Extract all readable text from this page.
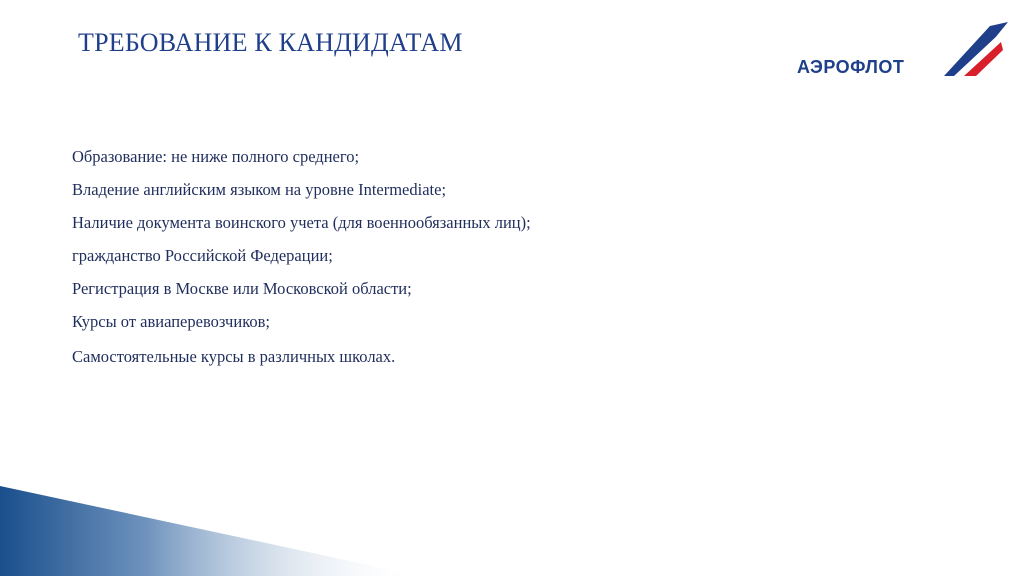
ТРЕБОВАНИЕ К КАНДИДАТАМ
АЭРОФЛОТ
Образование: не ниже полного среднего;
Владение английским языком на уровне Intermediate;
Наличие документа воинского учета (для военнообязанных лиц);
гражданство Российской Федерации;
Регистрация в Москве или Московской области;
Курсы от авиаперевозчиков;
Самостоятельные курсы в различных школах.
